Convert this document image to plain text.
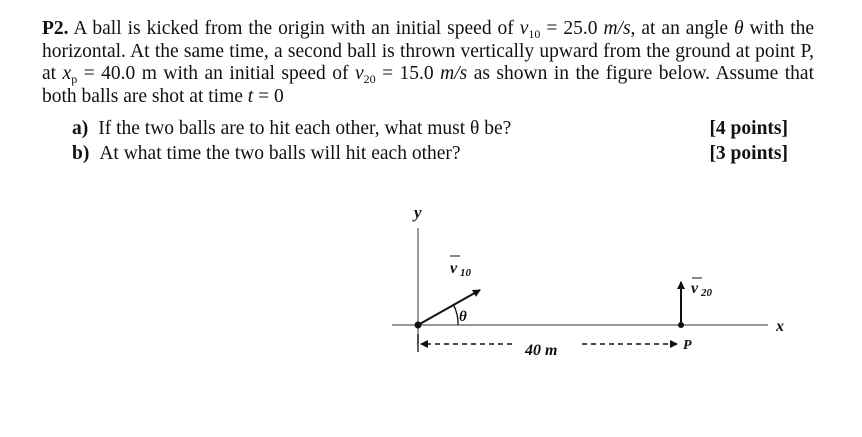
P2. A ball is kicked from the origin with an initial speed of $v_{10} = 25.0$ m/s, at an angle θ with the horizontal. At the same time, a second ball is thrown vertically upward from the ground at point P, at $x_p = 40.0$ m with an initial speed of $v_{20} = 15.0$ m/s as shown in the figure below. Assume that both balls are shot at time t = 0

a) If the two balls are to hit each other, what must θ be?	[4 points]
b) At what time the two balls will hit each other?	[3 points]
y
x
θ
v 10
v 20
40 m	P
